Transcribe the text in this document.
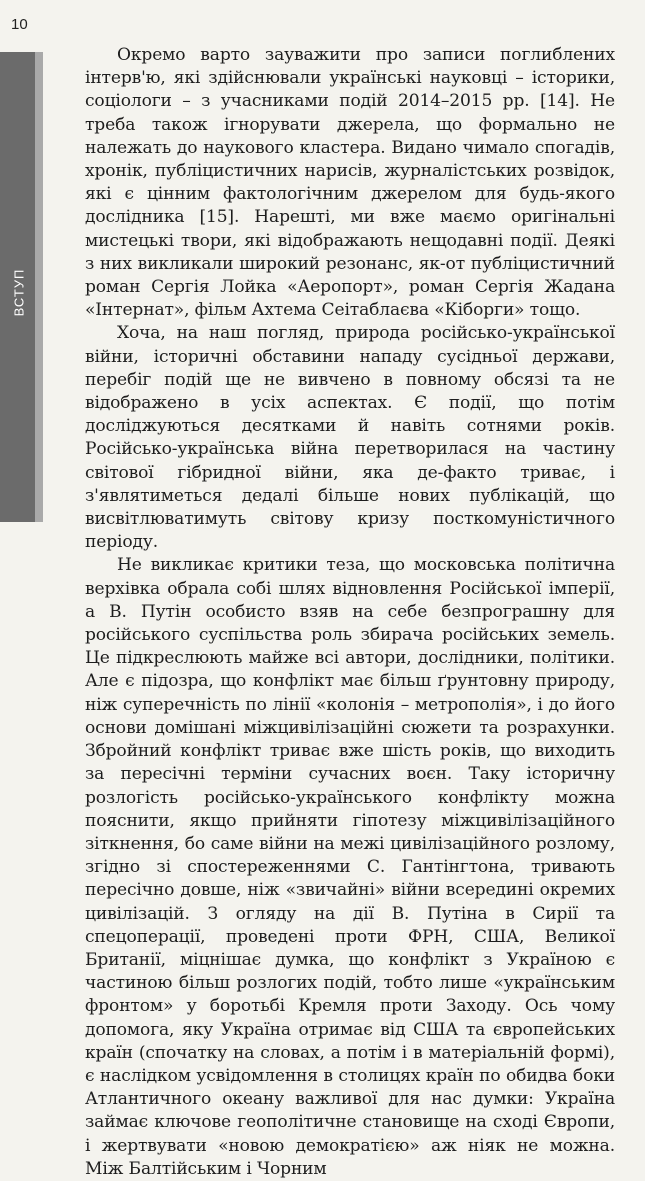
10
ВСТУП

Окремо варто зауважити про записи поглиблених інтерв'ю, які здійснювали українські науковці – історики, соціологи – з учасниками подій 2014–2015 рр. [14]. Не треба також ігнорувати джерела, що формально не належать до наукового кластера. Видано чимало спогадів, хронік, публіцистичних нарисів, журналістських розвідок, які є цінним фактологічним джерелом для будь-якого дослідника [15]. Нарешті, ми вже маємо оригінальні мистецькі твори, які відображають нещодавні події. Деякі з них викликали широкий резонанс, як-от публіцистичний роман Сергія Лойка «Аеропорт», роман Сергія Жадана «Інтернат», фільм Ахтема Сеітаблаєва «Кіборги» тощо.

Хоча, на наш погляд, природа російсько-української війни, історичні обставини нападу сусідньої держави, перебіг подій ще не вивчено в повному обсязі та не відображено в усіх аспектах. Є події, що потім досліджуються десятками й навіть сотнями років. Російсько-українська війна перетворилася на частину світової гібридної війни, яка де-факто триває, і з'являтиметься дедалі більше нових публікацій, що висвітлюватимуть світову кризу посткомуністичного періоду.

Не викликає критики теза, що московська політична верхівка обрала собі шлях відновлення Російської імперії, а В. Путін особисто взяв на себе безпрограшну для російського суспільства роль збирача російських земель. Це підкреслюють майже всі автори, дослідники, політики. Але є підозра, що конфлікт має більш ґрунтовну природу, ніж суперечність по лінії «колонія – метрополія», і до його основи домішані міжцивілізаційні сюжети та розрахунки. Збройний конфлікт триває вже шість років, що виходить за пересічні терміни сучасних воєн. Таку історичну розлогість російсько-українського конфлікту можна пояснити, якщо прийняти гіпотезу міжцивілізаційного зіткнення, бо саме війни на межі цивілізаційного розлому, згідно зі спостереженнями С. Гантінгтона, тривають пересічно довше, ніж «звичайні» війни всередині окремих цивілізацій. З огляду на дії В. Путіна в Сирії та спецоперації, проведені проти ФРН, США, Великої Британії, міцнішає думка, що конфлікт з Україною є частиною більш розлогих подій, тобто лише «українським фронтом» у боротьбі Кремля проти Заходу. Ось чому допомога, яку Україна отримає від США та європейських країн (спочатку на словах, а потім і в матеріальній формі), є наслідком усвідомлення в столицях країн по обидва боки Атлантичного океану важливої для нас думки: Україна займає ключове геополітичне становище на сході Європи, і жертвувати «новою демократією» аж ніяк не можна. Між Балтійським і Чорним
